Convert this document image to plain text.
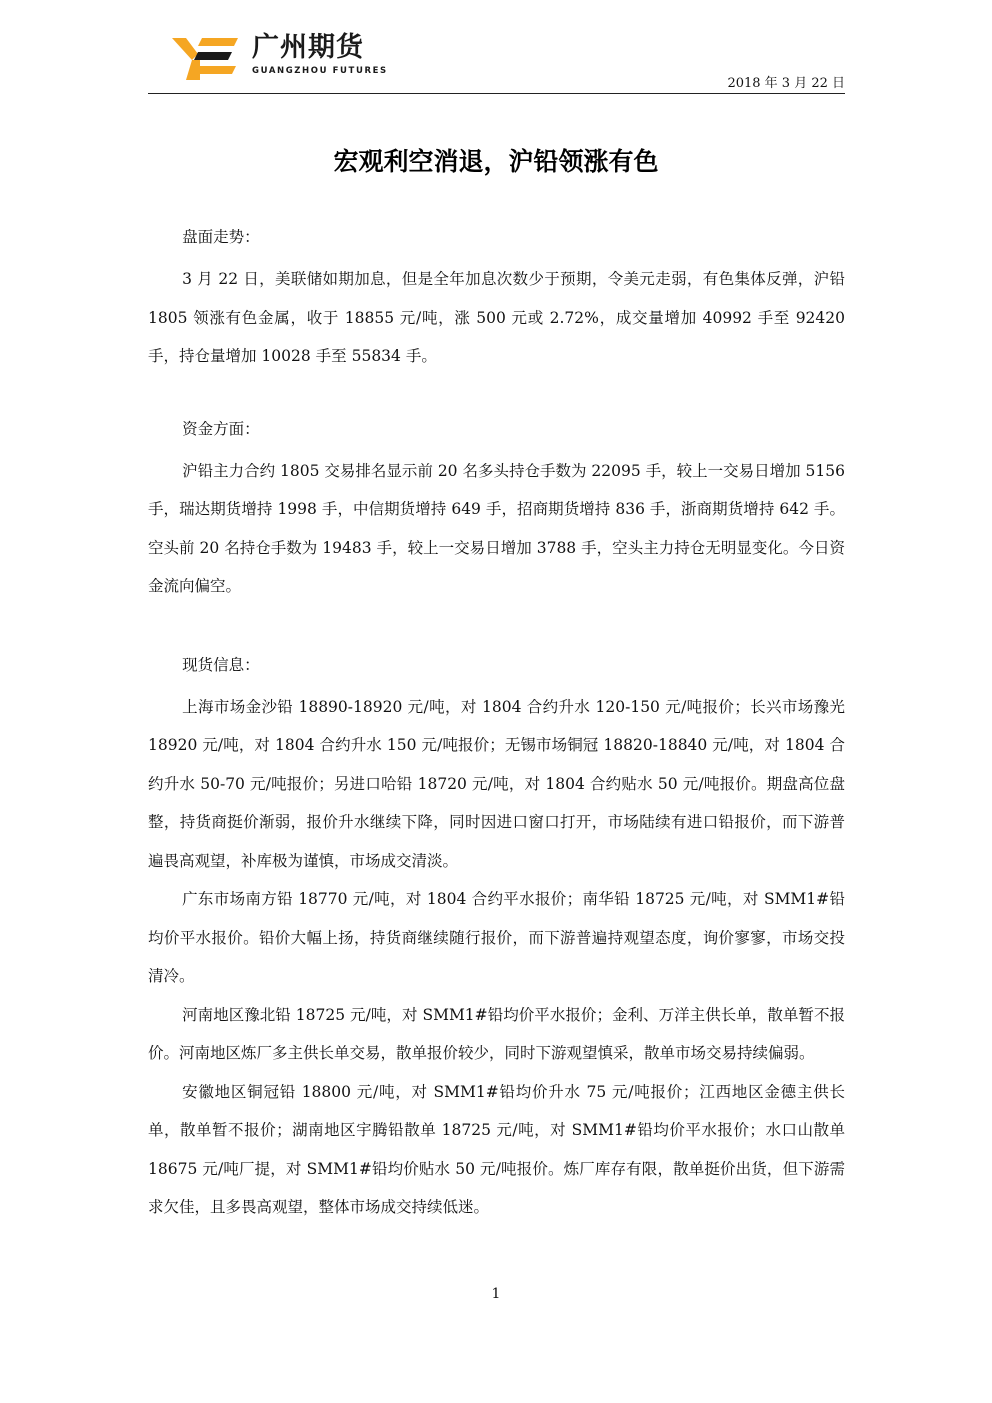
广州期货
GUANGZHOU FUTURES
2018 年 3 月 22 日
宏观利空消退，沪铅领涨有色

盘面走势：

3 月 22 日，美联储如期加息，但是全年加息次数少于预期，令美元走弱，有色集体反弹，沪铅 1805 领涨有色金属，收于 18855 元/吨，涨 500 元或 2.72%，成交量增加 40992 手至 92420 手，持仓量增加 10028 手至 55834 手。

资金方面：

沪铅主力合约 1805 交易排名显示前 20 名多头持仓手数为 22095 手，较上一交易日增加 5156 手，瑞达期货增持 1998 手，中信期货增持 649 手，招商期货增持 836 手，浙商期货增持 642 手。空头前 20 名持仓手数为 19483 手，较上一交易日增加 3788 手，空头主力持仓无明显变化。今日资金流向偏空。

现货信息：

上海市场金沙铅 18890-18920 元/吨，对 1804 合约升水 120-150 元/吨报价；长兴市场豫光 18920 元/吨，对 1804 合约升水 150 元/吨报价；无锡市场铜冠 18820-18840 元/吨，对 1804 合约升水 50-70 元/吨报价；另进口哈铅 18720 元/吨，对 1804 合约贴水 50 元/吨报价。期盘高位盘整，持货商挺价渐弱，报价升水继续下降，同时因进口窗口打开，市场陆续有进口铅报价，而下游普遍畏高观望，补库极为谨慎，市场成交清淡。

广东市场南方铅 18770 元/吨，对 1804 合约平水报价；南华铅 18725 元/吨，对 SMM1#铅均价平水报价。铅价大幅上扬，持货商继续随行报价，而下游普遍持观望态度，询价寥寥，市场交投清冷。

河南地区豫北铅 18725 元/吨，对 SMM1#铅均价平水报价；金利、万洋主供长单，散单暂不报价。河南地区炼厂多主供长单交易，散单报价较少，同时下游观望慎采，散单市场交易持续偏弱。

安徽地区铜冠铅 18800 元/吨，对 SMM1#铅均价升水 75 元/吨报价；江西地区金德主供长单，散单暂不报价；湖南地区宇腾铅散单 18725 元/吨，对 SMM1#铅均价平水报价；水口山散单 18675 元/吨厂提，对 SMM1#铅均价贴水 50 元/吨报价。炼厂库存有限，散单挺价出货，但下游需求欠佳，且多畏高观望，整体市场成交持续低迷。

1
